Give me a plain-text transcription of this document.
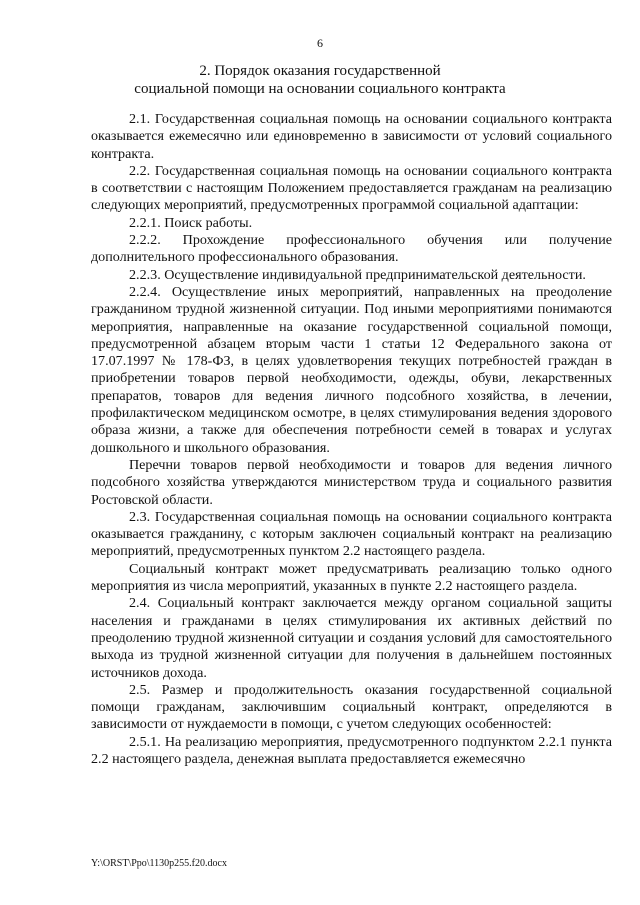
6
2. Порядок оказания государственной
социальной помощи на основании социального контракта

2.1. Государственная социальная помощь на основании социального контракта оказывается ежемесячно или единовременно в зависимости от условий социального контракта.

2.2. Государственная социальная помощь на основании социального контракта в соответствии с настоящим Положением предоставляется гражданам на реализацию следующих мероприятий, предусмотренных программой социальной адаптации:

2.2.1. Поиск работы.

2.2.2. Прохождение профессионального обучения или получение дополнительного профессионального образования.

2.2.3. Осуществление индивидуальной предпринимательской деятельности.

2.2.4. Осуществление иных мероприятий, направленных на преодоление гражданином трудной жизненной ситуации. Под иными мероприятиями понимаются мероприятия, направленные на оказание государственной социальной помощи, предусмотренной абзацем вторым части 1 статьи 12 Федерального закона от 17.07.1997 № 178-ФЗ, в целях удовлетворения текущих потребностей граждан в приобретении товаров первой необходимости, одежды, обуви, лекарственных препаратов, товаров для ведения личного подсобного хозяйства, в лечении, профилактическом медицинском осмотре, в целях стимулирования ведения здорового образа жизни, а также для обеспечения потребности семей в товарах и услугах дошкольного и школьного образования.

Перечни товаров первой необходимости и товаров для ведения личного подсобного хозяйства утверждаются министерством труда и социального развития Ростовской области.

2.3. Государственная социальная помощь на основании социального контракта оказывается гражданину, с которым заключен социальный контракт на реализацию мероприятий, предусмотренных пунктом 2.2 настоящего раздела.

Социальный контракт может предусматривать реализацию только одного мероприятия из числа мероприятий, указанных в пункте 2.2 настоящего раздела.

2.4. Социальный контракт заключается между органом социальной защиты населения и гражданами в целях стимулирования их активных действий по преодолению трудной жизненной ситуации и создания условий для самостоятельного выхода из трудной жизненной ситуации для получения в дальнейшем постоянных источников дохода.

2.5. Размер и продолжительность оказания государственной социальной помощи гражданам, заключившим социальный контракт, определяются в зависимости от нуждаемости в помощи, с учетом следующих особенностей:

2.5.1. На реализацию мероприятия, предусмотренного подпунктом 2.2.1 пункта 2.2 настоящего раздела, денежная выплата предоставляется ежемесячно

Y:\ORST\Ppo\1130p255.f20.docx
